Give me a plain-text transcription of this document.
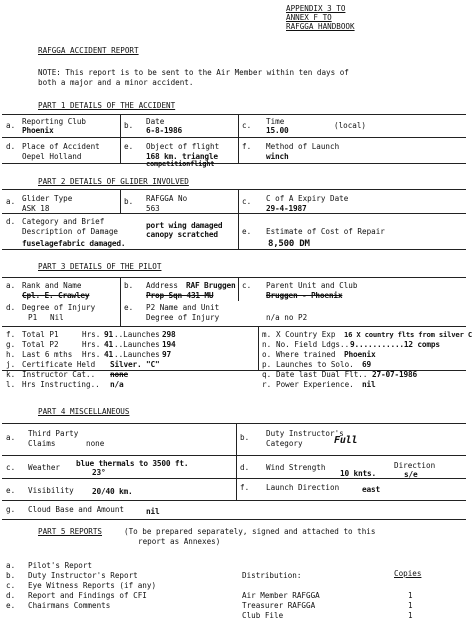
APPENDIX 3 TO
ANNEX F TO
RAFGGA HANDBOOK
RAFGGA ACCIDENT REPORT
NOTE: This report is to be sent to the Air Member within ten days of
both a major and a minor accident.
PART 1 DETAILS OF THE ACCIDENT
a. Reporting Club
Phoenix
b. Date
6-8-1986
c. Time
15.00
(local)
d. Place of Accident
Oepel Holland
e. Object of flight
168 km. triangle
competitionflight
f. Method of Launch
winch
PART 2 DETAILS OF GLIDER INVOLVED
a. Glider Type
ASK 18
b. RAFGGA No
563
c. C of A Expiry Date
29-4-1987
d. Category and Brief
Description of Damage
port wing damaged
canopy scratched
fuselagefabric damaged.
e. Estimate of Cost of Repair
8,500 DM
PART 3 DETAILS OF THE PILOT
a. Rank and Name
Cpl. E. Crawley
b. Address RAF Bruggen
Prop Sqn 431 MU
c. Parent Unit and Club
Bruggen - Phoenix
d. Degree of Injury
P1 Nil
e. P2 Name and Unit
Degree of Injury	n/a no P2
f. Total P1	Hrs. 91 ..Launches 298
g. Total P2	Hrs. 41 ..Launches 194
h. Last 6 mths Hrs. 41 ..Launches 97
j. Certificate Held Silver. "C"
k. Instructor Cat.. none
l. Hrs Instructing.. n/a
m. X Country Exp 16 X country flts from silver C
n. No. Field Ldgs.. 9...........12 comps
o. Where trained Phoenix
p. Launches to Solo. 69
q. Date last Dual Flt.. 27-07-1986
r. Power Experience. nil
PART 4 MISCELLANEOUS
a. Third Party
Claims	none
b. Duty Instructor's
Category	Full
c. Weather blue thermals to 3500 ft.
23°
d. Wind Strength
10 knts.
Direction
s/e
e. Visibility 20/40 km.	f. Launch Direction	east
g. Cloud Base and Amount	nil
PART 5 REPORTS	(To be prepared separately, signed and attached to this
report as Annexes)
a. Pilot's Report
b. Duty Instructor's Report
c. Eye Witness Reports (if any)
d. Report and Findings of CFI
e. Chairmans Comments
Distribution:	Copies
Air Member RAFGGA	1
Treasurer RAFGGA	1
Club File	1
